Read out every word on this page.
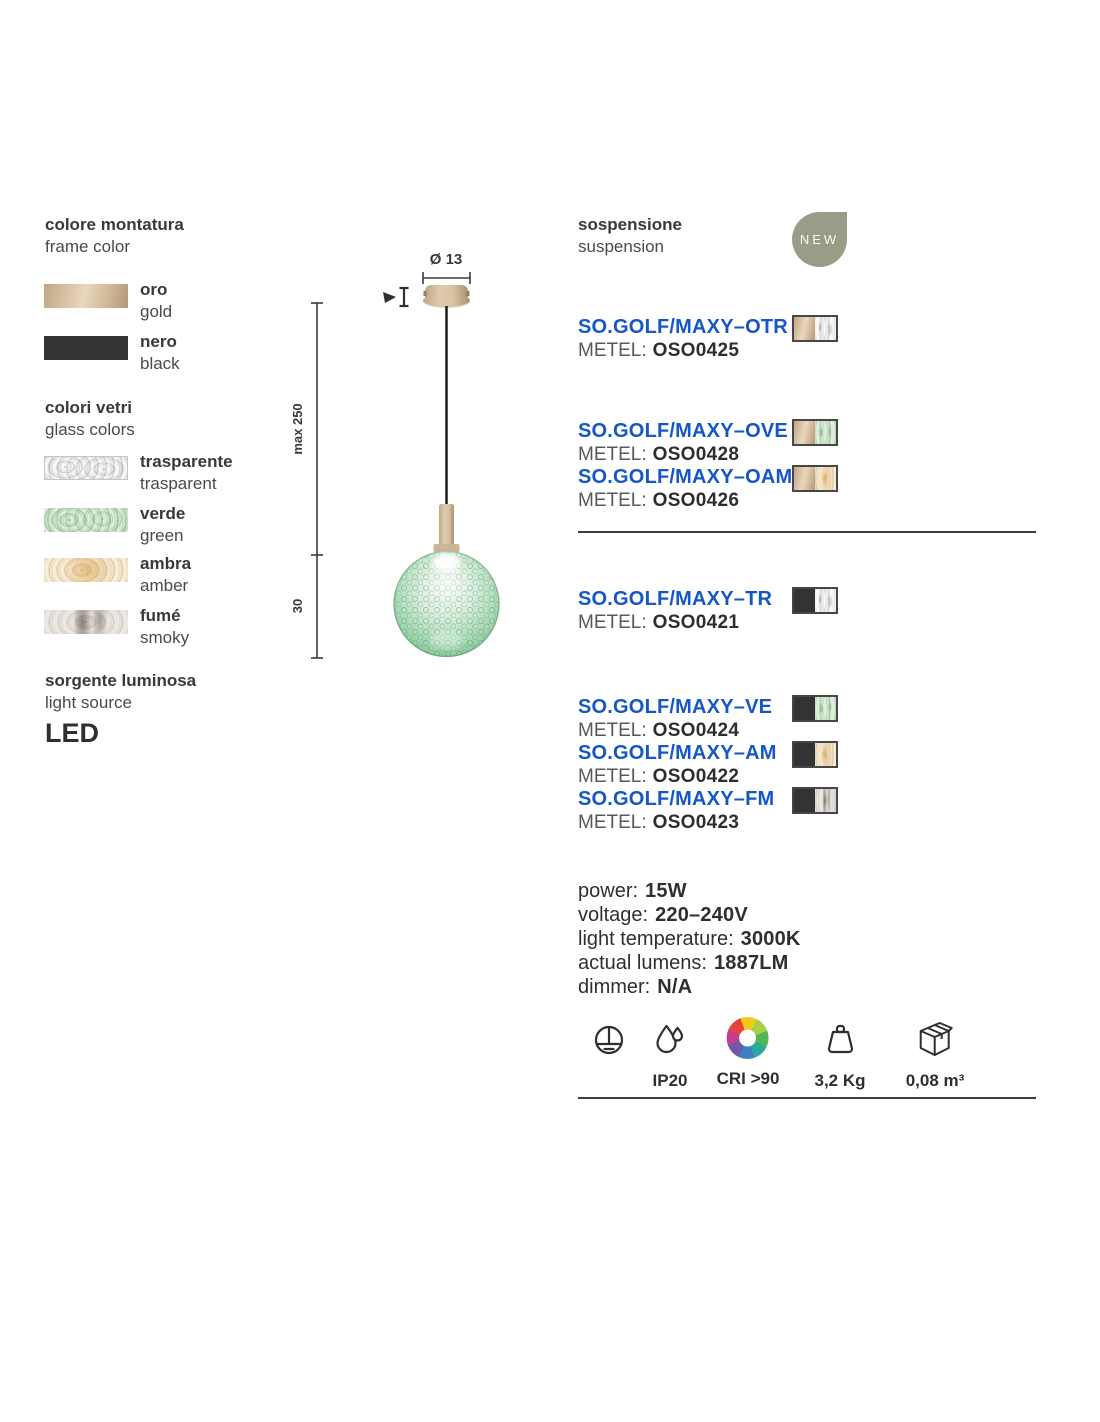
colore montatura
frame color
oro
gold
nero
black
colori vetri
glass colors
trasparente
trasparent
verde
green
ambra
amber
fumé
smoky
sorgente luminosa
light source
LED
Ø 13
max 250
30
sospensione
suspension	NEW
SO.GOLF/MAXY–OTR
METEL: OSO0425
SO.GOLF/MAXY–OVE
METEL: OSO0428
SO.GOLF/MAXY–OAM
METEL: OSO0426
SO.GOLF/MAXY–TR
METEL: OSO0421
SO.GOLF/MAXY–VE
METEL: OSO0424
SO.GOLF/MAXY–AM
METEL: OSO0422
SO.GOLF/MAXY–FM
METEL: OSO0423
power: 15W
voltage: 220–240V
light temperature: 3000K
actual lumens: 1887LM
dimmer: N/A
IP20 CRI >90 3,2 Kg 0,08 m³
